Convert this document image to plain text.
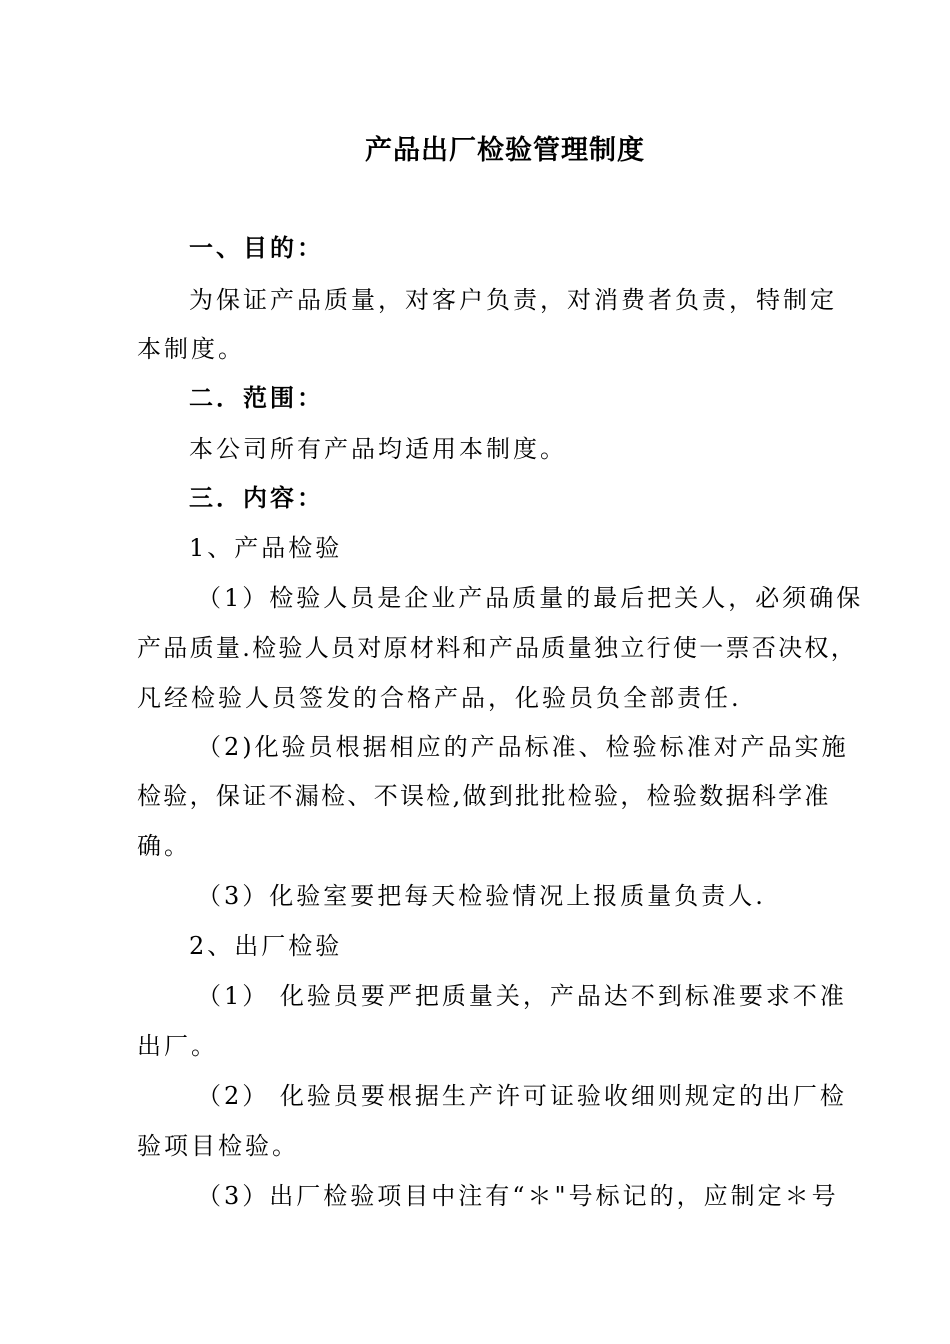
产品出厂检验管理制度
一、目的：
为保证产品质量，对客户负责，对消费者负责，特制定
本制度。
二．范围：
本公司所有产品均适用本制度。
三．内容：
1、产品检验
（1）检验人员是企业产品质量的最后把关人，必须确保
产品质量.检验人员对原材料和产品质量独立行使一票否决权，
凡经检验人员签发的合格产品，化验员负全部责任.
（2)化验员根据相应的产品标准、检验标准对产品实施
检验，保证不漏检、不误检,做到批批检验，检验数据科学准
确。
（3）化验室要把每天检验情况上报质量负责人.
2、出厂检验
（1） 化验员要严把质量关，产品达不到标准要求不准
出厂。
（2） 化验员要根据生产许可证验收细则规定的出厂检
验项目检验。
（3）出厂检验项目中注有“＊"号标记的，应制定＊号
